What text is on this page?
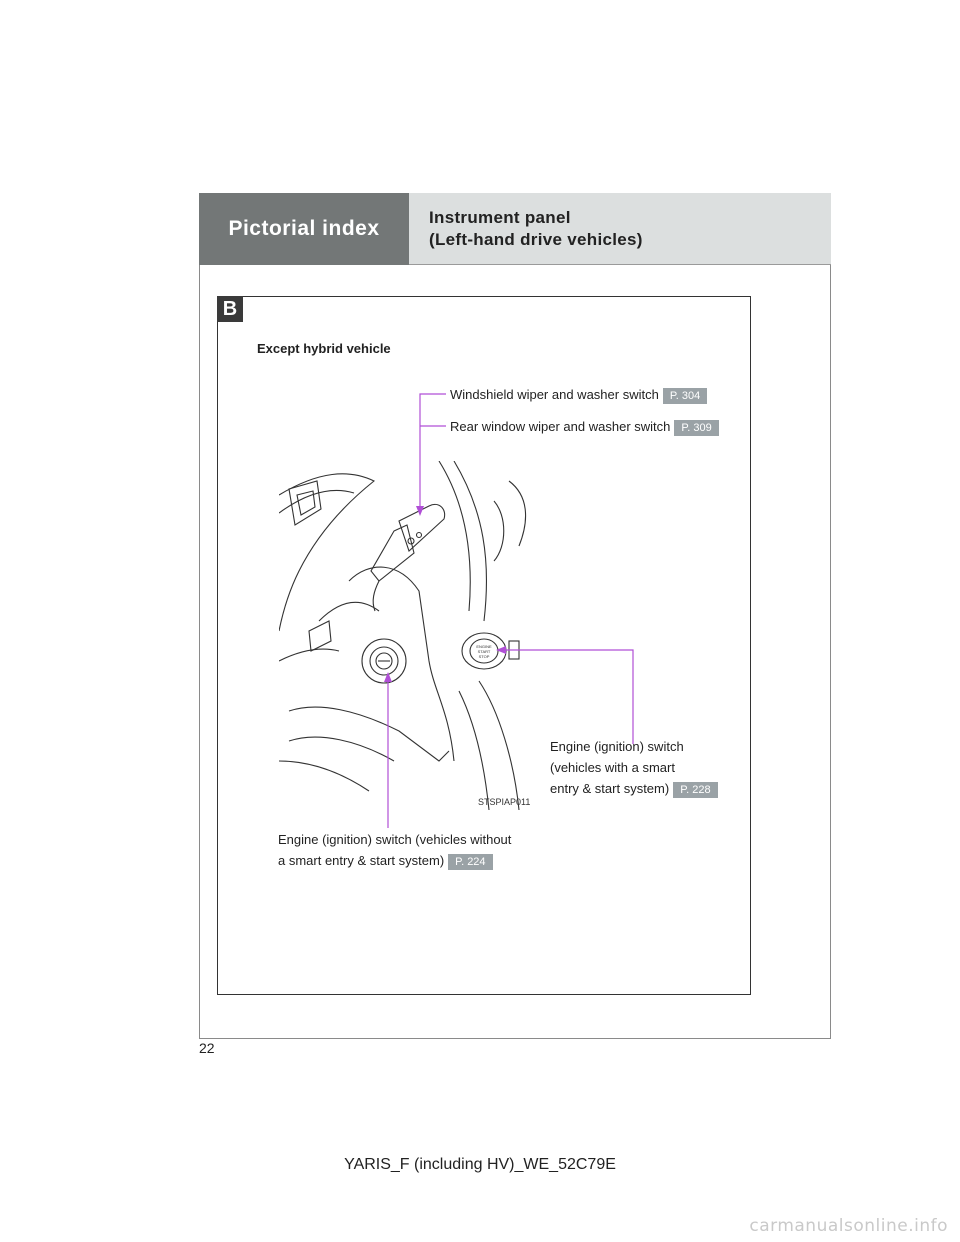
Pictorial index	Instrument panel
(Left-hand drive vehicles)
B
Except hybrid vehicle
Windshield wiper and washer switch P. 304
Rear window wiper and washer switch P. 309
Engine (ignition) switch
(vehicles with a smart
entry & start system) P. 228
Engine (ignition) switch (vehicles without
a smart entry & start system) P. 224
ENGINE
START
STOP
STSPIAP011
22
YARIS_F (including HV)_WE_52C79E
carmanualsonline.info
